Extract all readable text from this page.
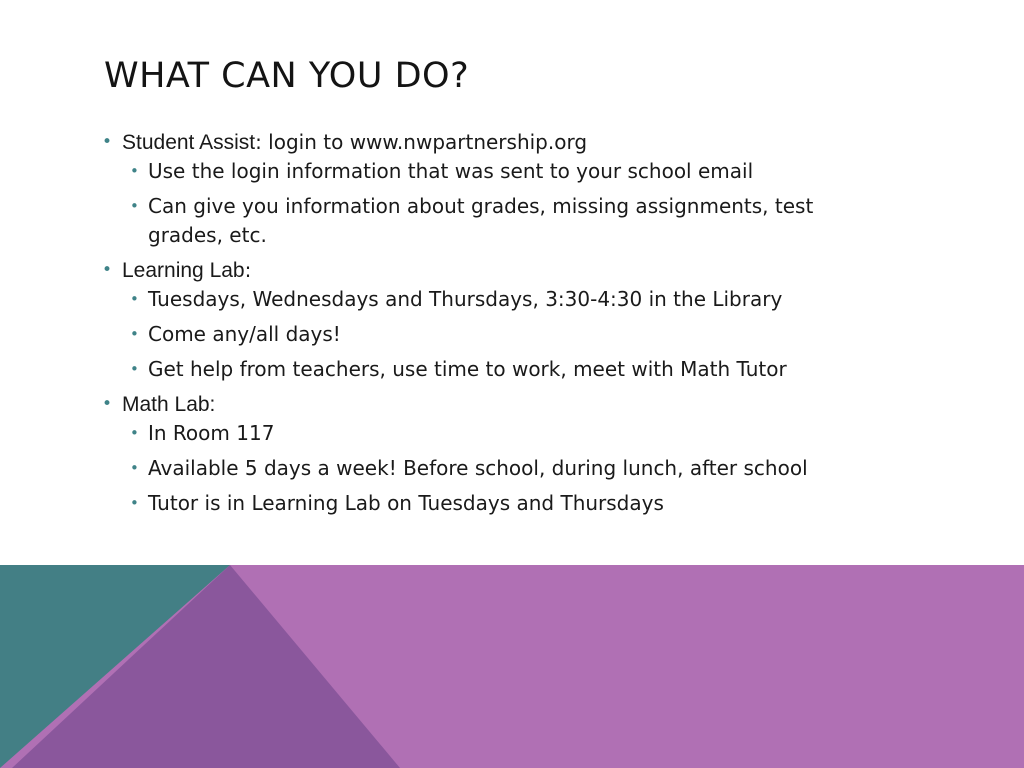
WHAT CAN YOU DO?
• Student Assist: login to www.nwpartnership.org
• Use the login information that was sent to your school email
• Can give you information about grades, missing assignments, test grades, etc.
• Learning Lab:
• Tuesdays, Wednesdays and Thursdays, 3:30-4:30 in the Library
• Come any/all days!
• Get help from teachers, use time to work, meet with Math Tutor
• Math Lab:
• In Room 117
• Available 5 days a week! Before school, during lunch, after school
• Tutor is in Learning Lab on Tuesdays and Thursdays
